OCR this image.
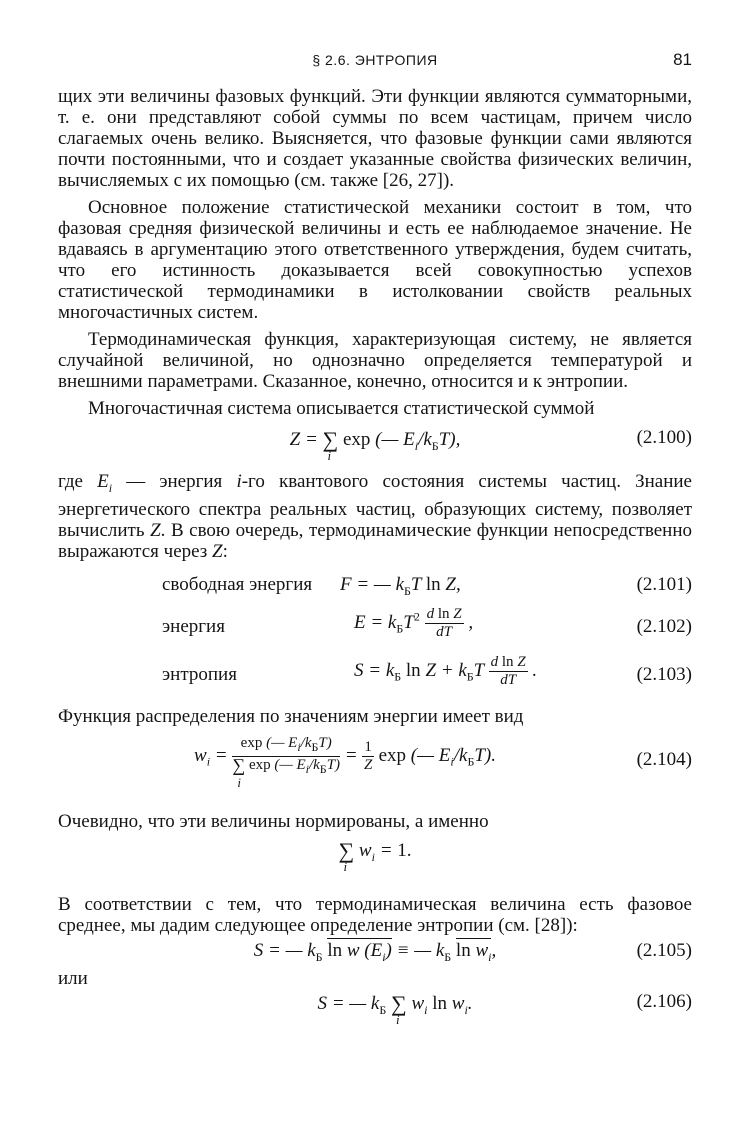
§ 2.6. ЭНТРОПИЯ	81

щих эти величины фазовых функций. Эти функции являются сумматорными, т. е. они представляют собой суммы по всем частицам, причем число слагаемых очень велико. Выясняется, что фазовые функции сами являются почти постоянными, что и создает указанные свойства физических величин, вычисляемых с их помощью (см. также [26, 27]).

Основное положение статистической механики состоит в том, что фазовая средняя физической величины и есть ее наблюдаемое значение. Не вдаваясь в аргументацию этого ответственного утверждения, будем считать, что его истинность доказывается всей совокупностью успехов статистической термодинамики в истолковании свойств реальных многочастичных систем.

Термодинамическая функция, характеризующая систему, не является случайной величиной, но однозначно определяется температурой и внешними параметрами. Сказанное, конечно, относится и к энтропии.

Многочастичная система описывается статистической суммой

Z = ∑
i
exp (— $E_i/k_БT$),	(2.100)

где $E_i$ — энергия i-го квантового состояния системы частиц. Знание энергетического спектра реальных частиц, образующих систему, позволяет вычислить Z. В свою очередь, термодинамические функции непосредственно выражаются через Z:

свободная энергия F = — $k_БT$ ln Z,	(2.101)
энергия	$E = k_БT^2 \frac{\text{d ln Z}}{dT}$ ,	(2.102)
энтропия	$S = k_Б$ $\ln Z + k_БT \frac{\text{d ln Z}}{dT}$ .	(2.103)

Функция распределения по значениям энергии имеет вид

$w_i = \exp$ (— $E_i/k_БT$)
∑
i
exp (— $E_i/k_БT) = \frac{1}{Z}$ exp (— $E_i/k_БT$).	(2.104)

Очевидно, что эти величины нормированы, а именно

∑
i
$w_i = 1$.

В соответствии с тем, что термодинамическая величина есть фазовое среднее, мы дадим следующее определение энтропии (см. [28]):

S = — $k_Б$ ln w $(E_i)$ ≡ — $k_Б$ $\ln w_i$,	(2.105)

или

S = — $k_Б$ ∑
i
$w_i$ $\ln w_i$.	(2.106)
